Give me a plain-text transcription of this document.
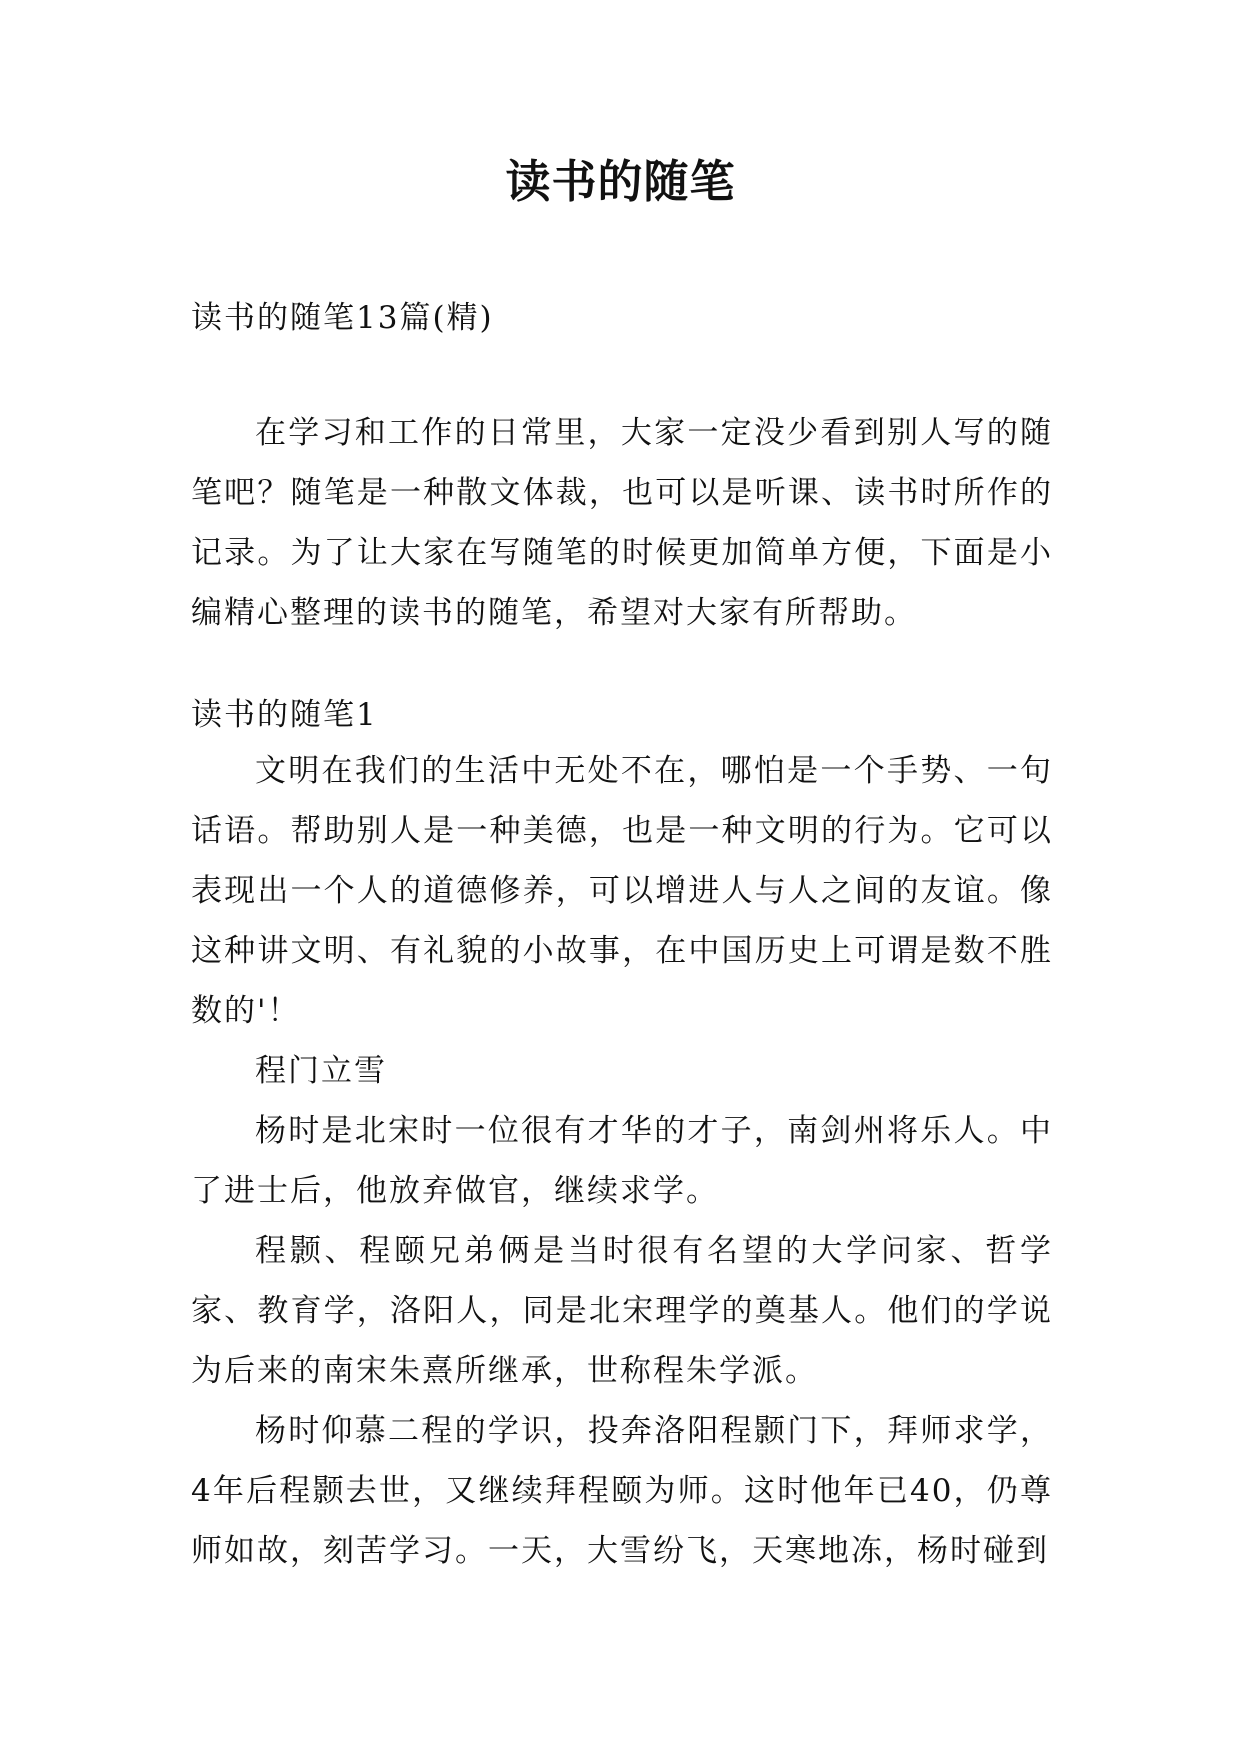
读书的随笔

读书的随笔13篇(精)

在学习和工作的日常里，大家一定没少看到别人写的随笔吧？随笔是一种散文体裁，也可以是听课、读书时所作的记录。为了让大家在写随笔的时候更加简单方便，下面是小编精心整理的读书的随笔，希望对大家有所帮助。

读书的随笔1

文明在我们的生活中无处不在，哪怕是一个手势、一句话语。帮助别人是一种美德，也是一种文明的行为。它可以表现出一个人的道德修养，可以增进人与人之间的友谊。像这种讲文明、有礼貌的小故事，在中国历史上可谓是数不胜数的'！

程门立雪

杨时是北宋时一位很有才华的才子，南剑州将乐人。中了进士后，他放弃做官，继续求学。

程颢、程颐兄弟俩是当时很有名望的大学问家、哲学家、教育学，洛阳人，同是北宋理学的奠基人。他们的学说为后来的南宋朱熹所继承，世称程朱学派。

杨时仰慕二程的学识，投奔洛阳程颢门下，拜师求学，4年后程颢去世，又继续拜程颐为师。这时他年已40，仍尊师如故，刻苦学习。一天，大雪纷飞，天寒地冻，杨时碰到
